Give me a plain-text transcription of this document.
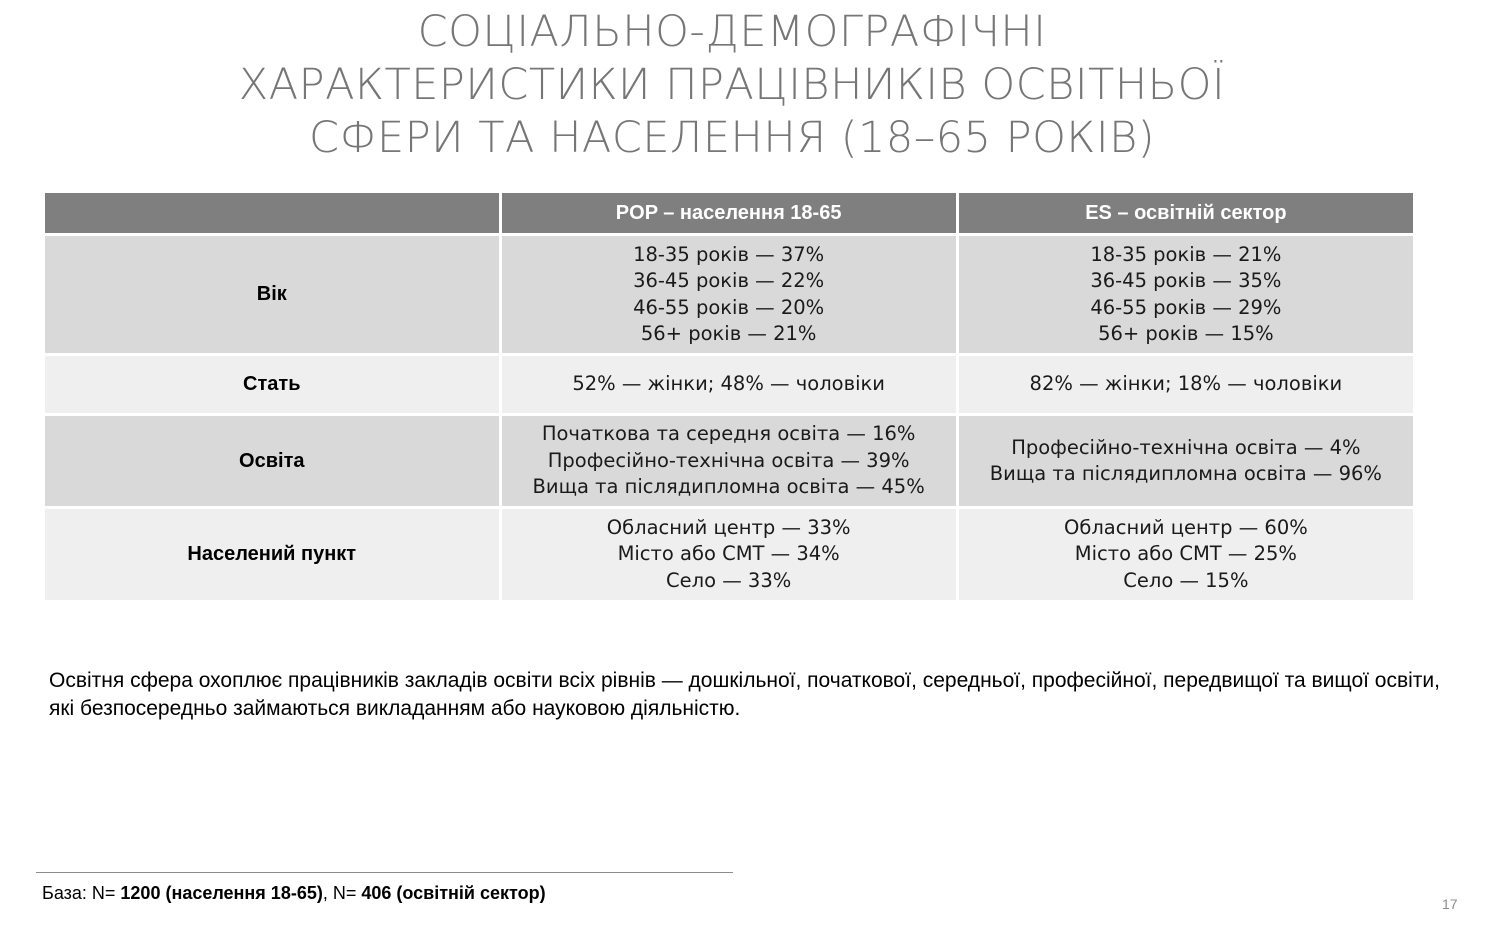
СОЦІАЛЬНО-ДЕМОГРАФІЧНІ
ХАРАКТЕРИСТИКИ ПРАЦІВНИКІВ ОСВІТНЬОЇ
СФЕРИ ТА НАСЕЛЕННЯ (18–65 РОКІВ)
	POP – населення 18-65	ES – освітній сектор
Вік	18-35 років — 37%
36-45 років — 22%
46-55 років — 20%
56+ років — 21%	18-35 років — 21%
36-45 років — 35%
46-55 років — 29%
56+ років — 15%

Стать	52% — жінки; 48% — чоловіки	82% — жінки; 18% — чоловіки

Освіта	Початкова та середня освіта — 16%
Професійно-технічна освіта — 39%
Вища та післядипломна освіта — 45%	Професійно-технічна освіта — 4%
Вища та післядипломна освіта — 96%

Населений пункт	Обласний центр — 33%
Місто або СМТ — 34%
Село — 33%	Обласний центр — 60%
Місто або СМТ — 25%
Село — 15%

Освітня сфера охоплює працівників закладів освіти всіх рівнів — дошкільної, початкової, середньої, професійної, передвищої та вищої освіти, які безпосередньо займаються викладанням або науковою діяльністю.

База: N= 1200 (населення 18-65), N= 406 (освітній сектор)

17
